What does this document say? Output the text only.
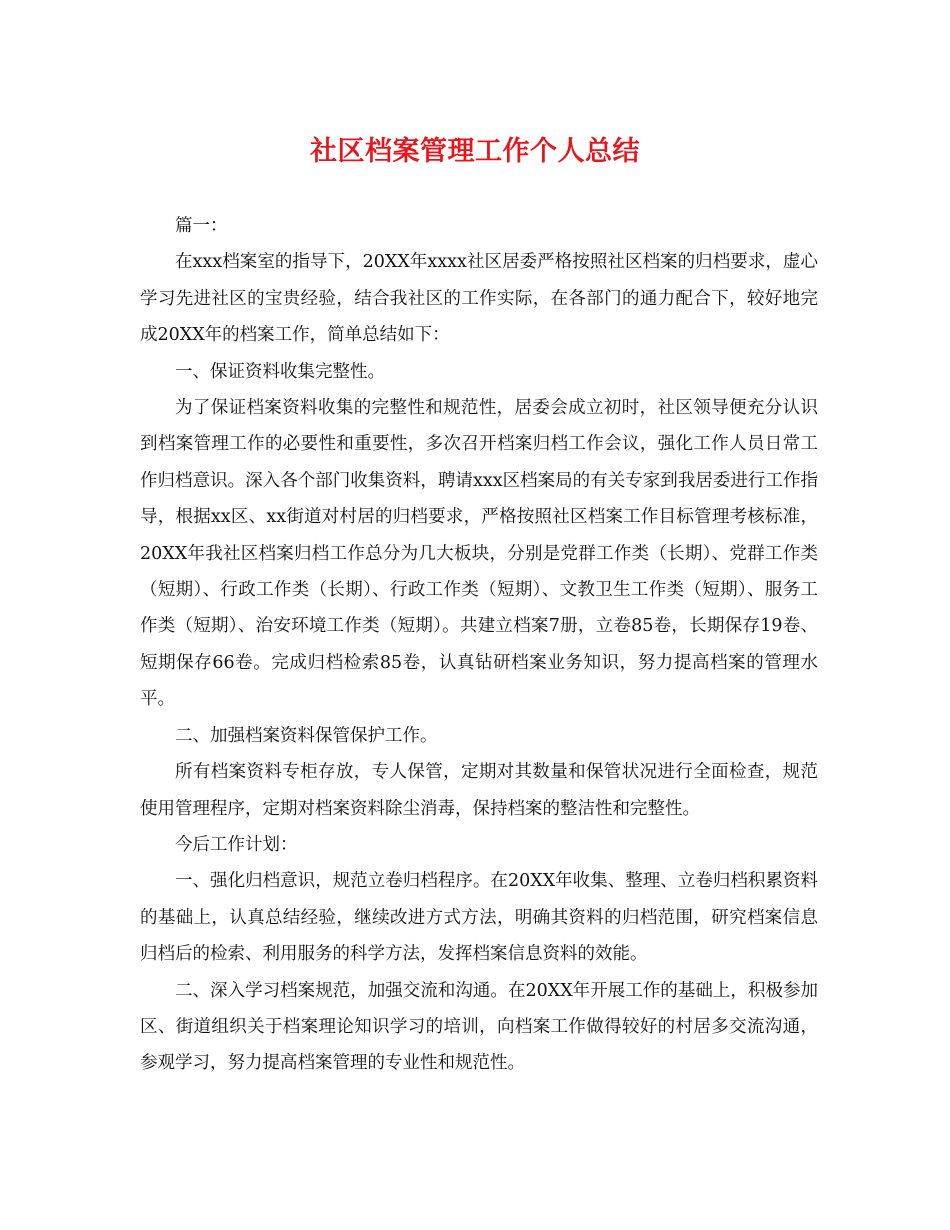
社区档案管理工作个人总结

篇一：

在xxx档案室的指导下，20XX年xxxx社区居委严格按照社区档案的归档要求，虚心学习先进社区的宝贵经验，结合我社区的工作实际，在各部门的通力配合下，较好地完成20XX年的档案工作，简单总结如下：

一、保证资料收集完整性。

为了保证档案资料收集的完整性和规范性，居委会成立初时，社区领导便充分认识到档案管理工作的必要性和重要性，多次召开档案归档工作会议，强化工作人员日常工作归档意识。深入各个部门收集资料，聘请xxx区档案局的有关专家到我居委进行工作指导，根据xx区、xx街道对村居的归档要求，严格按照社区档案工作目标管理考核标准，20XX年我社区档案归档工作总分为几大板块，分别是党群工作类（长期）、党群工作类（短期）、行政工作类（长期）、行政工作类（短期）、文教卫生工作类（短期）、服务工作类（短期）、治安环境工作类（短期）。共建立档案7册，立卷85卷，长期保存19卷、短期保存66卷。完成归档检索85卷，认真钻研档案业务知识，努力提高档案的管理水平。

二、加强档案资料保管保护工作。

所有档案资料专柜存放，专人保管，定期对其数量和保管状况进行全面检查，规范使用管理程序，定期对档案资料除尘消毒，保持档案的整洁性和完整性。

今后工作计划：

一、强化归档意识，规范立卷归档程序。在20XX年收集、整理、立卷归档积累资料的基础上，认真总结经验，继续改进方式方法，明确其资料的归档范围，研究档案信息归档后的检索、利用服务的科学方法，发挥档案信息资料的效能。

二、深入学习档案规范，加强交流和沟通。在20XX年开展工作的基础上，积极参加区、街道组织关于档案理论知识学习的培训，向档案工作做得较好的村居多交流沟通，参观学习，努力提高档案管理的专业性和规范性。
